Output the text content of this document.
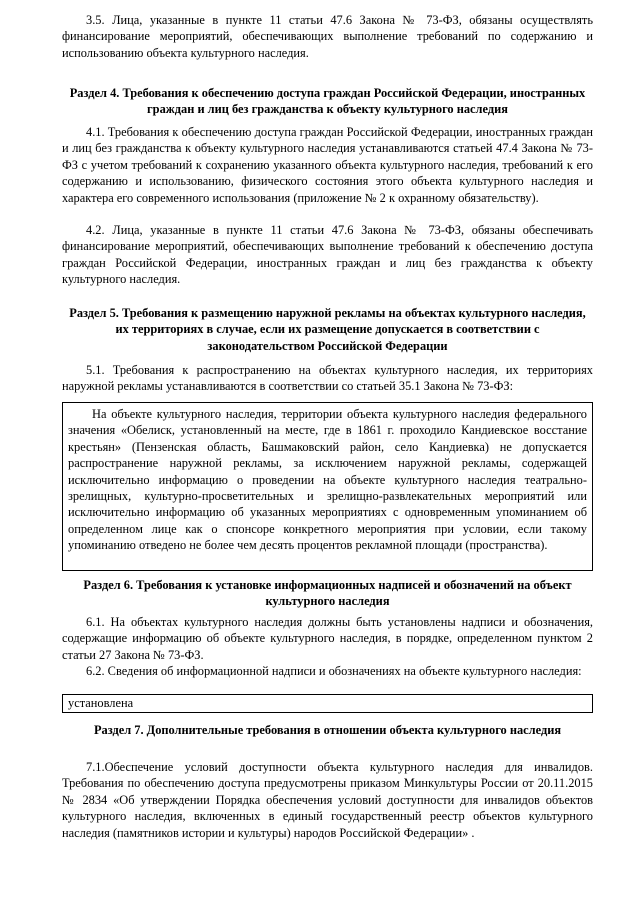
3.5. Лица, указанные в пункте 11 статьи 47.6 Закона № 73-ФЗ, обязаны осуществлять финансирование мероприятий, обеспечивающих выполнение требований по содержанию и использованию объекта культурного наследия.

Раздел 4. Требования к обеспечению доступа граждан Российской Федерации, иностранных граждан и лиц без гражданства к объекту культурного наследия

4.1. Требования к обеспечению доступа граждан Российской Федерации, иностранных граждан и лиц без гражданства к объекту культурного наследия устанавливаются статьей 47.4 Закона № 73-ФЗ с учетом требований к сохранению указанного объекта культурного наследия, требований к его содержанию и использованию, физического состояния этого объекта культурного наследия и характера его современного использования (приложение № 2 к охранному обязательству).

4.2. Лица, указанные в пункте 11 статьи 47.6 Закона № 73-ФЗ, обязаны обеспечивать финансирование мероприятий, обеспечивающих выполнение требований к обеспечению доступа граждан Российской Федерации, иностранных граждан и лиц без гражданства к объекту культурного наследия.

Раздел 5. Требования к размещению наружной рекламы на объектах культурного наследия, их территориях в случае, если их размещение допускается в соответствии с законодательством Российской Федерации

5.1. Требования к распространению на объектах культурного наследия, их территориях наружной рекламы устанавливаются в соответствии со статьей 35.1 Закона № 73-ФЗ:

На объекте культурного наследия, территории объекта культурного наследия федерального значения «Обелиск, установленный на месте, где в 1861 г. проходило Кандиевское восстание крестьян» (Пензенская область, Башмаковский район, село Кандиевка) не допускается распространение наружной рекламы, за исключением наружной рекламы, содержащей исключительно информацию о проведении на объекте культурного наследия театрально-зрелищных, культурно-просветительных и зрелищно-развлекательных мероприятий или исключительно информацию об указанных мероприятиях с одновременным упоминанием об определенном лице как о спонсоре конкретного мероприятия при условии, если такому упоминанию отведено не более чем десять процентов рекламной площади (пространства).
Раздел 6. Требования к установке информационных надписей и обозначений на объект культурного наследия

6.1. На объектах культурного наследия должны быть установлены надписи и обозначения, содержащие информацию об объекте культурного наследия, в порядке, определенном пунктом 2 статьи 27 Закона № 73-ФЗ.

6.2. Сведения об информационной надписи и обозначениях на объекте культурного наследия:

установлена
Раздел 7. Дополнительные требования в отношении объекта культурного наследия

7.1.Обеспечение условий доступности объекта культурного наследия для инвалидов. Требования по обеспечению доступа предусмотрены приказом Минкультуры России от 20.11.2015 № 2834 «Об утверждении Порядка обеспечения условий доступности для инвалидов объектов культурного наследия, включенных в единый государственный реестр объектов культурного наследия (памятников истории и культуры) народов Российской Федерации» .
